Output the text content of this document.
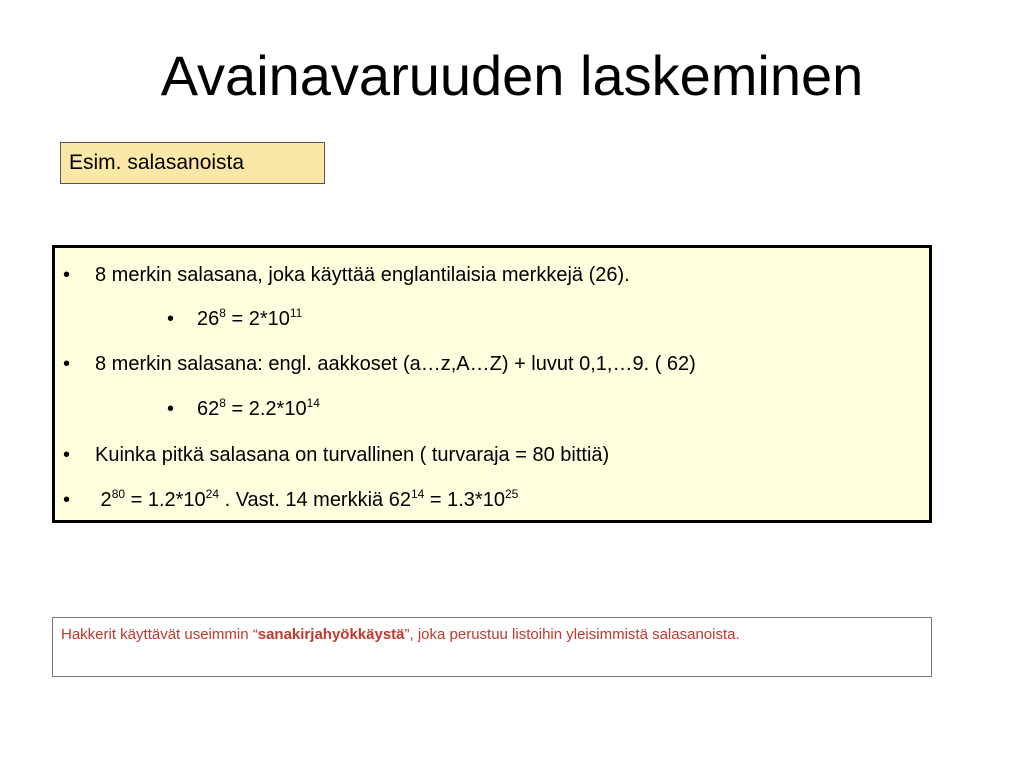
Avainavaruuden laskeminen
Esim. salasanoista
• 8 merkin salasana, joka käyttää englantilaisia merkkejä (26).
• $26^8 = 2*10^{11}$
• 8 merkin salasana: engl. aakkoset (a…z,A…Z) + luvut 0,1,…9. ( 62)
• $62^8 = 2.2*10^{14}$
• Kuinka pitkä salasana on turvallinen ( turvaraja = 80 bittiä)
• $2^{80} = 1.2*10^{24}$ . Vast. 14 merkkiä $62^{14} = 1.3*10^{25}$
Hakkerit käyttävät useimmin “sanakirjahyökkäystä”, joka perustuu listoihin yleisimmistä salasanoista.
